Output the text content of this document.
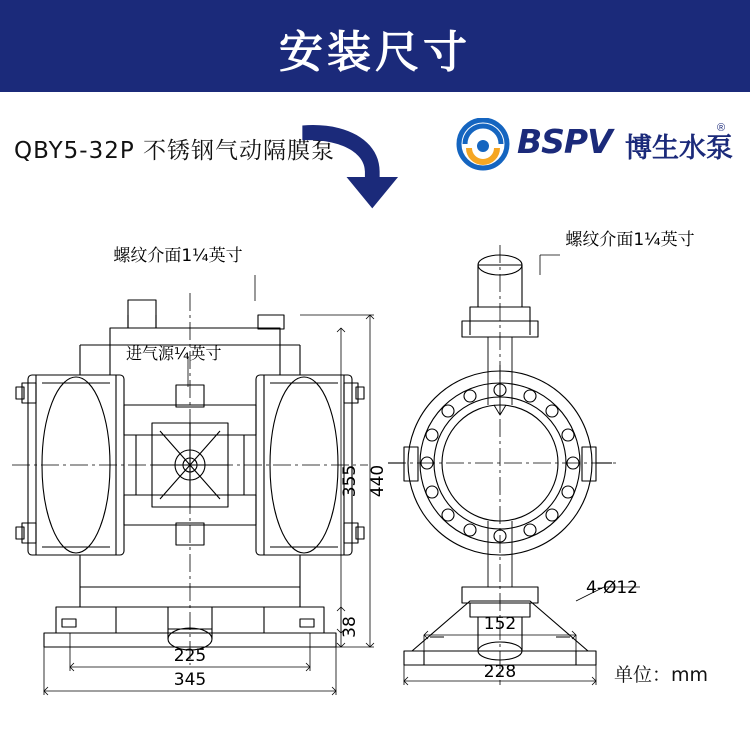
安装尺寸
QBY5-32P 不锈钢气动隔膜泵	BSPV 博生水泵
®
螺纹介面1¼英寸
进气源¼英寸
440
355
38
225
345
螺纹介面1¼英寸
4-Ø12
152
228	单位：mm
